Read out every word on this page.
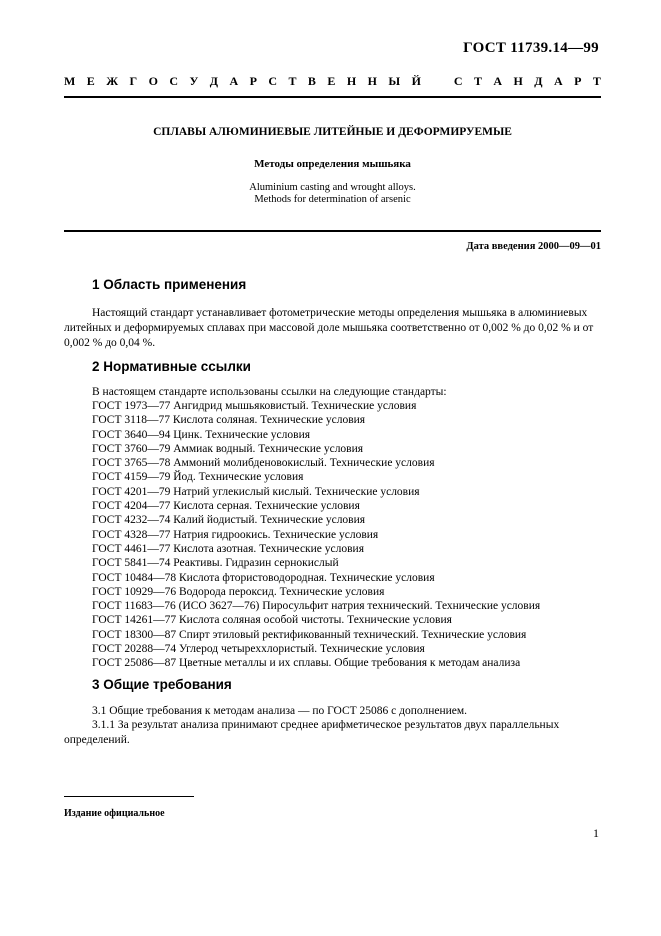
ГОСТ 11739.14—99
М Е Ж Г О С У Д А Р С Т В Е Н Н Ы Й	С Т А Н Д А Р Т
СПЛАВЫ АЛЮМИНИЕВЫЕ ЛИТЕЙНЫЕ И ДЕФОРМИРУЕМЫЕ
Методы определения мышьяка
Aluminium casting and wrought alloys.
Methods for determination of arsenic
Дата введения 2000—09—01
1 Область применения
Настоящий стандарт устанавливает фотометрические методы определения мышьяка в алюминиевых литейных и деформируемых сплавах при массовой доле мышьяка соответственно от 0,002 % до 0,02 % и от 0,002 % до 0,04 %.
2 Нормативные ссылки
В настоящем стандарте использованы ссылки на следующие стандарты:
ГОСТ 1973—77 Ангидрид мышьяковистый. Технические условия
ГОСТ 3118—77 Кислота соляная. Технические условия
ГОСТ 3640—94 Цинк. Технические условия
ГОСТ 3760—79 Аммиак водный. Технические условия
ГОСТ 3765—78 Аммоний молибденовокислый. Технические условия
ГОСТ 4159—79 Йод. Технические условия
ГОСТ 4201—79 Натрий углекислый кислый. Технические условия
ГОСТ 4204—77 Кислота серная. Технические условия
ГОСТ 4232—74 Калий йодистый. Технические условия
ГОСТ 4328—77 Натрия гидроокись. Технические условия
ГОСТ 4461—77 Кислота азотная. Технические условия
ГОСТ 5841—74 Реактивы. Гидразин сернокислый
ГОСТ 10484—78 Кислота фтористоводородная. Технические условия
ГОСТ 10929—76 Водорода пероксид. Технические условия
ГОСТ 11683—76 (ИСО 3627—76) Пиросульфит натрия технический. Технические условия
ГОСТ 14261—77 Кислота соляная особой чистоты. Технические условия
ГОСТ 18300—87 Спирт этиловый ректификованный технический. Технические условия
ГОСТ 20288—74 Углерод четыреххлористый. Технические условия
ГОСТ 25086—87 Цветные металлы и их сплавы. Общие требования к методам анализа
3 Общие требования
3.1 Общие требования к методам анализа — по ГОСТ 25086 с дополнением.
3.1.1 За результат анализа принимают среднее арифметическое результатов двух параллельных определений.
Издание официальное
1
